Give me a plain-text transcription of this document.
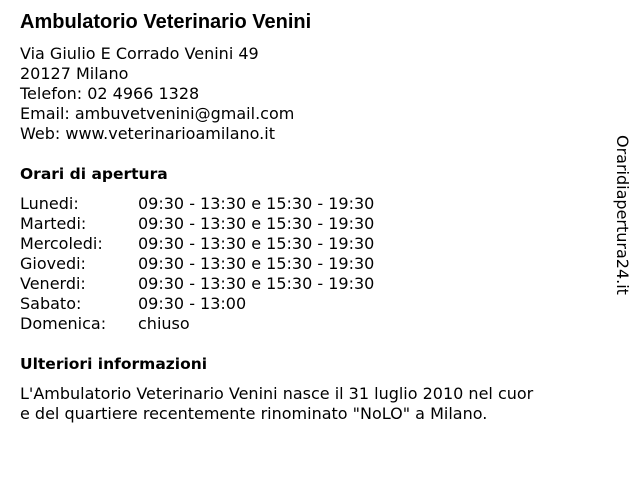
Ambulatorio Veterinario Venini
Via Giulio E Corrado Venini 49
20127 Milano
Telefon: 02 4966 1328
Email: ambuvetvenini@gmail.com
Web: www.veterinarioamilano.it
Orari di apertura
Lunedi:	09:30 - 13:30 e 15:30 - 19:30
Martedi:	09:30 - 13:30 e 15:30 - 19:30
Mercoledi: 09:30 - 13:30 e 15:30 - 19:30
Giovedi:	09:30 - 13:30 e 15:30 - 19:30
Venerdi:	09:30 - 13:30 e 15:30 - 19:30
Sabato:	09:30 - 13:00
Domenica: chiuso
Ulteriori informazioni
L'Ambulatorio Veterinario Venini nasce il 31 luglio 2010 nel cuor
e del quartiere recentemente rinominato "NoLO" a Milano.
Oraridiapertura24.it
